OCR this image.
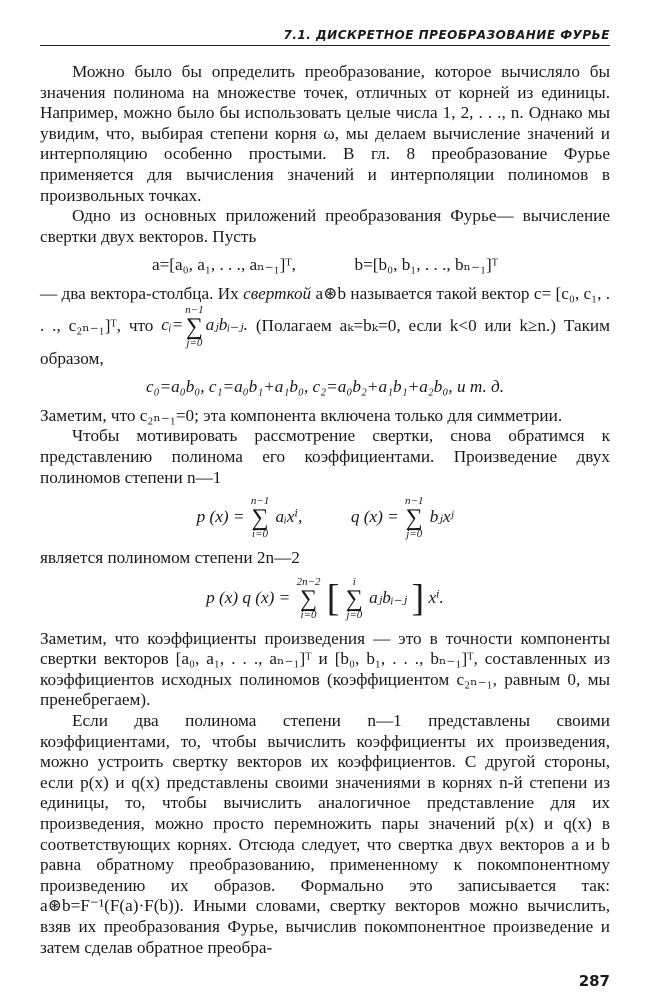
7.1. ДИСКРЕТНОЕ ПРЕОБРАЗОВАНИЕ ФУРЬЕ

Можно было бы определить преобразование, которое вычисляло бы значения полинома на множестве точек, отличных от корней из единицы. Например, можно было бы использовать целые числа 1, 2, . . ., n. Однако мы увидим, что, выбирая степени корня ω, мы делаем вычисление значений и интерполяцию особенно простыми. В гл. 8 преобразование Фурье применяется для вычисления значений и интерполяции полиномов в произвольных точках.

Одно из основных приложений преобразования Фурье— вычисление свертки двух векторов. Пусть

a=[a₀, a₁, . . ., aₙ₋₁]ᵀ,	b=[b₀, b₁, . . ., bₙ₋₁]ᵀ

— два вектора-столбца. Их сверткой a⊛b называется такой вектор c= [c₀, c₁, . . ., c₂ₙ₋₁]ᵀ, что cᵢ=
n−1
∑
j=0
aⱼbᵢ₋ⱼ. (Полагаем aₖ=bₖ=0, если k<0 или k≥n.) Таким образом,

c₀=a₀b₀, c₁=a₀b₁+a₁b₀, c₂=a₀b₂+a₁b₁+a₂b₀, и т. д.

Заметим, что c₂ₙ₋₁=0; эта компонента включена только для симметрии.

Чтобы мотивировать рассмотрение свертки, снова обратимся к представлению полинома его коэффициентами. Произведение двух полиномов степени n—1

p (x) =
n−1
∑
i=0
aᵢxⁱ,	q (x) =
n−1
∑
j=0
bⱼxʲ

является полиномом степени 2n—2

p (x) q (x) =
2n−2
∑
i=0 [	i
∑
j=0
aⱼbᵢ₋ⱼ ] xⁱ.

Заметим, что коэффициенты произведения — это в точности компоненты свертки векторов [a₀, a₁, . . ., aₙ₋₁]ᵀ и [b₀, b₁, . . ., bₙ₋₁]ᵀ, составленных из коэффициентов исходных полиномов (коэффициентом c₂ₙ₋₁, равным 0, мы пренебрегаем).

Если два полинома степени n—1 представлены своими коэффициентами, то, чтобы вычислить коэффициенты их произведения, можно устроить свертку векторов их коэффициентов. С другой стороны, если p(x) и q(x) представлены своими значениями в корнях n-й степени из единицы, то, чтобы вычислить аналогичное представление для их произведения, можно просто перемножить пары значений p(x) и q(x) в соответствующих корнях. Отсюда следует, что свертка двух векторов a и b равна обратному преобразованию, примененному к покомпонентному произведению их образов. Формально это записывается так: a⊛b=F⁻¹(F(a)·F(b)). Иными словами, свертку векторов можно вычислить, взяв их преобразования Фурье, вычислив покомпонентное произведение и затем сделав обратное преобра-

287
